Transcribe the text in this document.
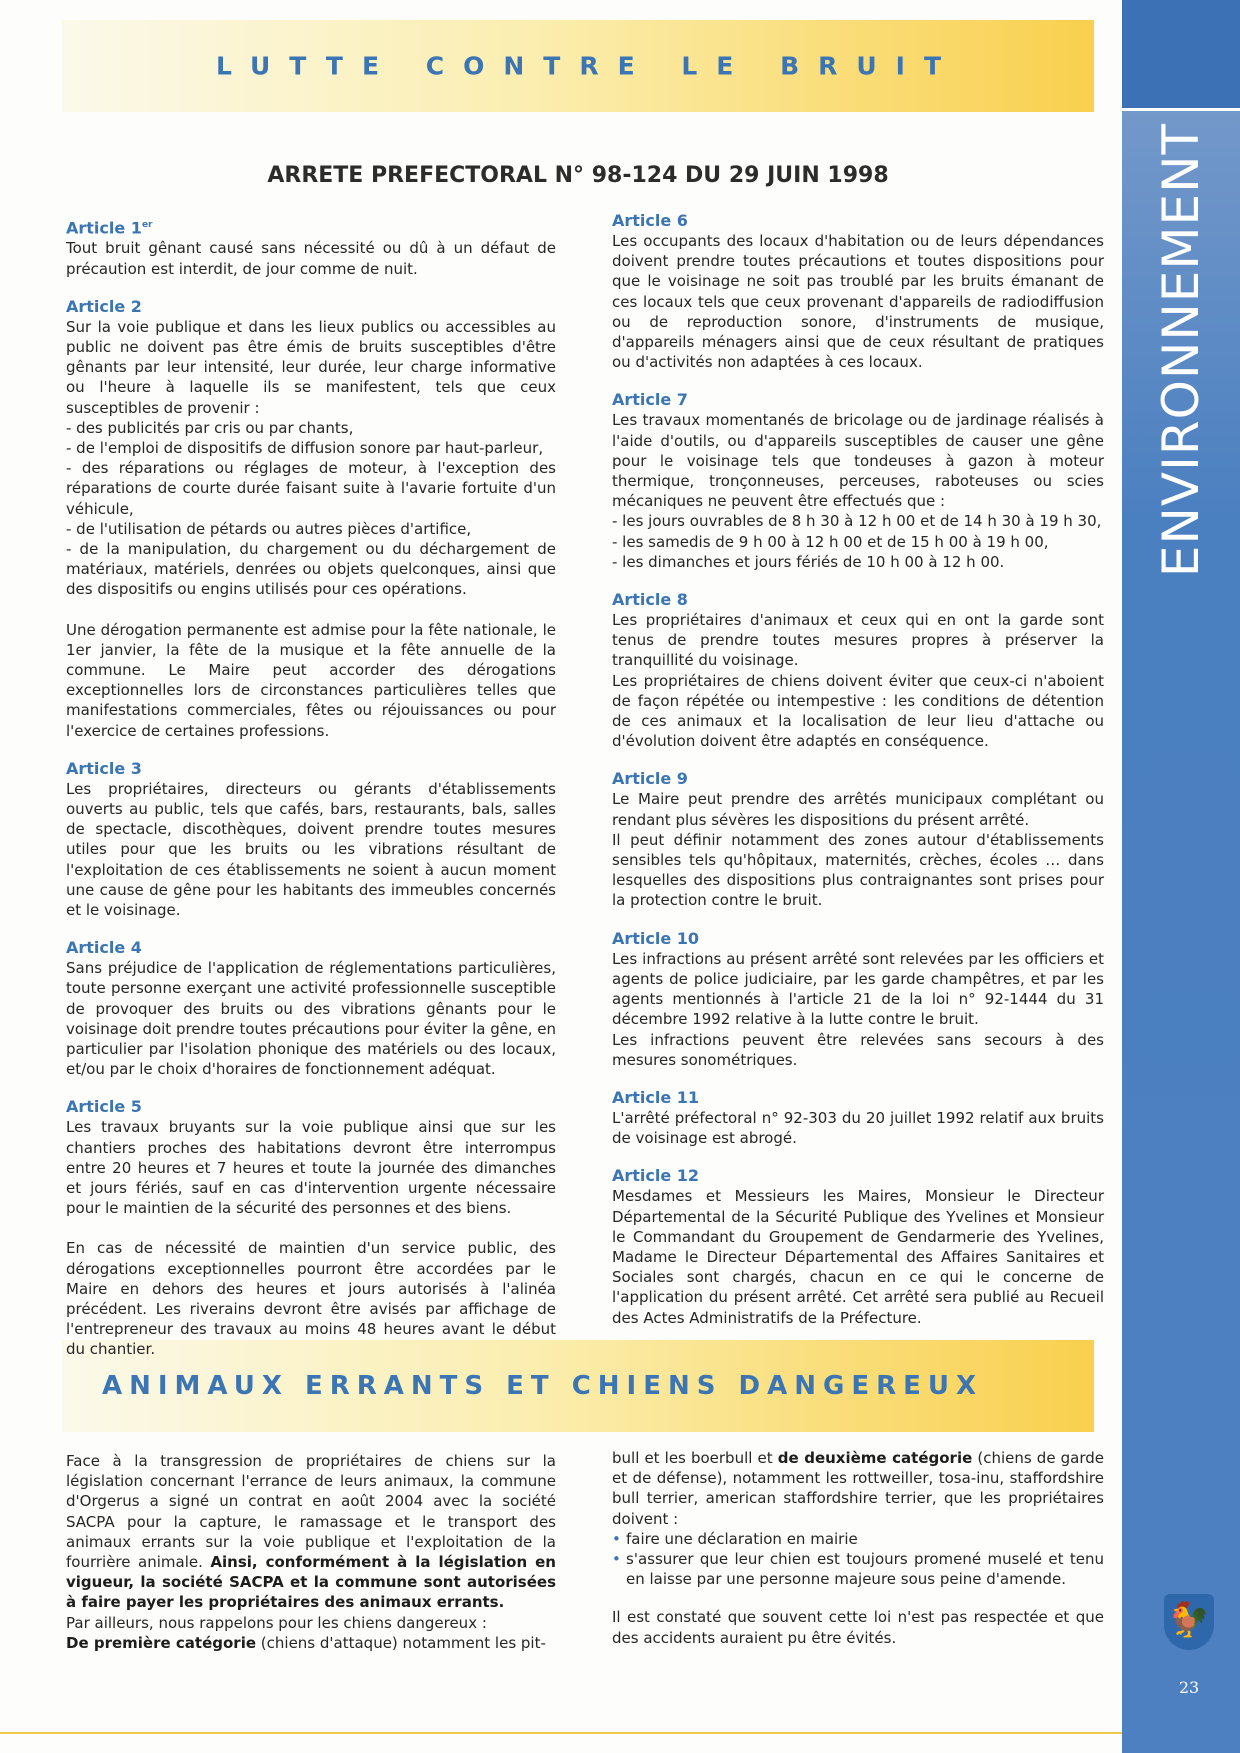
LUTTE CONTRE LE BRUIT
ANIMAUX ERRANTS ET CHIENS DANGEREUX
ENVIRONNEMENT
🐓
23
ARRETE PREFECTORAL N° 98-124 DU 29 JUIN 1998
Article 1er

Tout bruit gênant causé sans nécessité ou dû à un défaut de précaution est interdit, de jour comme de nuit.

Article 2

Sur la voie publique et dans les lieux publics ou accessibles au public ne doivent pas être émis de bruits susceptibles d'être gênants par leur intensité, leur durée, leur charge informative ou l'heure à laquelle ils se manifestent, tels que ceux susceptibles de provenir :

- des publicités par cris ou par chants,

- de l'emploi de dispositifs de diffusion sonore par haut-parleur,

- des réparations ou réglages de moteur, à l'exception des réparations de courte durée faisant suite à l'avarie fortuite d'un véhicule,

- de l'utilisation de pétards ou autres pièces d'artifice,

- de la manipulation, du chargement ou du déchargement de matériaux, matériels, denrées ou objets quelconques, ainsi que des dispositifs ou engins utilisés pour ces opérations.

Une dérogation permanente est admise pour la fête nationale, le 1er janvier, la fête de la musique et la fête annuelle de la commune. Le Maire peut accorder des dérogations exceptionnelles lors de circonstances particulières telles que manifestations commerciales, fêtes ou réjouissances ou pour l'exercice de certaines professions.

Article 3

Les propriétaires, directeurs ou gérants d'établissements ouverts au public, tels que cafés, bars, restaurants, bals, salles de spectacle, discothèques, doivent prendre toutes mesures utiles pour que les bruits ou les vibrations résultant de l'exploitation de ces établissements ne soient à aucun moment une cause de gêne pour les habitants des immeubles concernés et le voisinage.

Article 4

Sans préjudice de l'application de réglementations particulières, toute personne exerçant une activité professionnelle susceptible de provoquer des bruits ou des vibrations gênants pour le voisinage doit prendre toutes précautions pour éviter la gêne, en particulier par l'isolation phonique des matériels ou des locaux, et/ou par le choix d'horaires de fonctionnement adéquat.

Article 5

Les travaux bruyants sur la voie publique ainsi que sur les chantiers proches des habitations devront être interrompus entre 20 heures et 7 heures et toute la journée des dimanches et jours fériés, sauf en cas d'intervention urgente nécessaire pour le maintien de la sécurité des personnes et des biens.

En cas de nécessité de maintien d'un service public, des dérogations exceptionnelles pourront être accordées par le Maire en dehors des heures et jours autorisés à l'alinéa précédent. Les riverains devront être avisés par affichage de l'entrepreneur des travaux au moins 48 heures avant le début du chantier.

Article 6

Les occupants des locaux d'habitation ou de leurs dépendances doivent prendre toutes précautions et toutes dispositions pour que le voisinage ne soit pas troublé par les bruits émanant de ces locaux tels que ceux provenant d'appareils de radiodiffusion ou de reproduction sonore, d'instruments de musique, d'appareils ménagers ainsi que de ceux résultant de pratiques ou d'activités non adaptées à ces locaux.

Article 7

Les travaux momentanés de bricolage ou de jardinage réalisés à l'aide d'outils, ou d'appareils susceptibles de causer une gêne pour le voisinage tels que tondeuses à gazon à moteur thermique, tronçonneuses, perceuses, raboteuses ou scies mécaniques ne peuvent être effectués que :

- les jours ouvrables de 8 h 30 à 12 h 00 et de 14 h 30 à 19 h 30,

- les samedis de 9 h 00 à 12 h 00 et de 15 h 00 à 19 h 00,

- les dimanches et jours fériés de 10 h 00 à 12 h 00.

Article 8

Les propriétaires d'animaux et ceux qui en ont la garde sont tenus de prendre toutes mesures propres à préserver la tranquillité du voisinage.

Les propriétaires de chiens doivent éviter que ceux-ci n'aboient de façon répétée ou intempestive : les conditions de détention de ces animaux et la localisation de leur lieu d'attache ou d'évolution doivent être adaptés en conséquence.

Article 9

Le Maire peut prendre des arrêtés municipaux complétant ou rendant plus sévères les dispositions du présent arrêté.

Il peut définir notamment des zones autour d'établissements sensibles tels qu'hôpitaux, maternités, crèches, écoles … dans lesquelles des dispositions plus contraignantes sont prises pour la protection contre le bruit.

Article 10

Les infractions au présent arrêté sont relevées par les officiers et agents de police judiciaire, par les garde champêtres, et par les agents mentionnés à l'article 21 de la loi n° 92-1444 du 31 décembre 1992 relative à la lutte contre le bruit.

Les infractions peuvent être relevées sans secours à des mesures sonométriques.

Article 11

L'arrêté préfectoral n° 92-303 du 20 juillet 1992 relatif aux bruits de voisinage est abrogé.

Article 12

Mesdames et Messieurs les Maires, Monsieur le Directeur Départemental de la Sécurité Publique des Yvelines et Monsieur le Commandant du Groupement de Gendarmerie des Yvelines, Madame le Directeur Départemental des Affaires Sanitaires et Sociales sont chargés, chacun en ce qui le concerne de l'application du présent arrêté. Cet arrêté sera publié au Recueil des Actes Administratifs de la Préfecture.

Face à la transgression de propriétaires de chiens sur la législation concernant l'errance de leurs animaux, la commune d'Orgerus a signé un contrat en août 2004 avec la société SACPA pour la capture, le ramassage et le transport des animaux errants sur la voie publique et l'exploitation de la fourrière animale. Ainsi, conformément à la législation en vigueur, la société SACPA et la commune sont autorisées à faire payer les propriétaires des animaux errants.

Par ailleurs, nous rappelons pour les chiens dangereux :

De première catégorie (chiens d'attaque) notamment les pit-

bull et les boerbull et de deuxième catégorie (chiens de garde et de défense), notamment les rottweiller, tosa-inu, staffordshire bull terrier, american staffordshire terrier, que les propriétaires doivent :

• faire une déclaration en mairie
• s'assurer que leur chien est toujours promené muselé et tenu en laisse par une personne majeure sous peine d'amende.

Il est constaté que souvent cette loi n'est pas respectée et que des accidents auraient pu être évités.
